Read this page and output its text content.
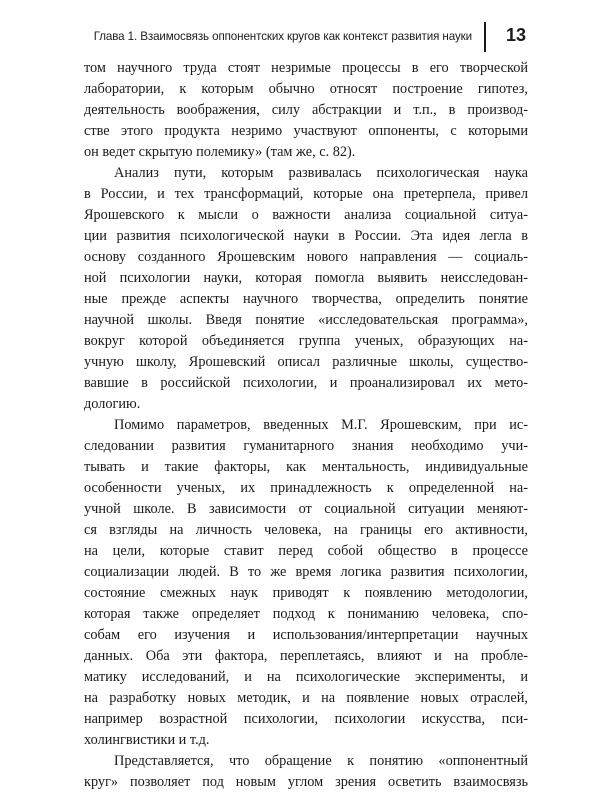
Глава 1. Взаимосвязь оппонентских кругов как контекст развития науки 13
том научного труда стоят незримые процессы в его творческой
лаборатории, к которым обычно относят построение гипотез,
деятельность воображения, силу абстракции и т.п., в производ-
стве этого продукта незримо участвуют оппоненты, с которыми
он ведет скрытую полемику» (там же, с. 82).
Анализ пути, которым развивалась психологическая наука
в России, и тех трансформаций, которые она претерпела, привел
Ярошевского к мысли о важности анализа социальной ситуа-
ции развития психологической науки в России. Эта идея легла в
основу созданного Ярошевским нового направления — социаль-
ной психологии науки, которая помогла выявить неисследован-
ные прежде аспекты научного творчества, определить понятие
научной школы. Введя понятие «исследовательская программа»,
вокруг которой объединяется группа ученых, образующих на-
учную школу, Ярошевский описал различные школы, существо-
вавшие в российской психологии, и проанализировал их мето-
дологию.
Помимо параметров, введенных М.Г. Ярошевским, при ис-
следовании развития гуманитарного знания необходимо учи-
тывать и такие факторы, как ментальность, индивидуальные
особенности ученых, их принадлежность к определенной на-
учной школе. В зависимости от социальной ситуации меняют-
ся взгляды на личность человека, на границы его активности,
на цели, которые ставит перед собой общество в процессе
социализации людей. В то же время логика развития психологии,
состояние смежных наук приводят к появлению методологии,
которая также определяет подход к пониманию человека, спо-
собам его изучения и использования/интерпретации научных
данных. Оба эти фактора, переплетаясь, влияют и на пробле-
матику исследований, и на психологические эксперименты, и
на разработку новых методик, и на появление новых отраслей,
например возрастной психологии, психологии искусства, пси-
холингвистики и т.д.
Представляется, что обращение к понятию «оппонентный
круг» позволяет под новым углом зрения осветить взаимосвязь
